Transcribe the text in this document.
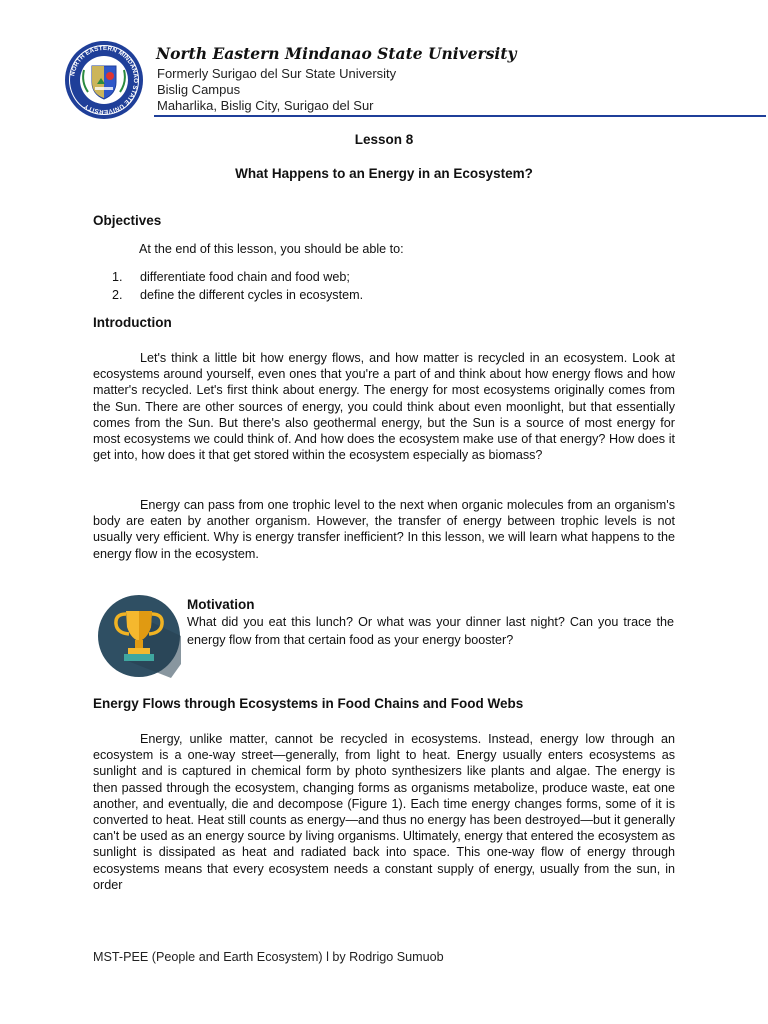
NORTH EASTERN MINDANAO STATE UNIVERSITY
North Eastern Mindanao State University
Formerly Surigao del Sur State University
Bislig Campus
Maharlika, Bislig City, Surigao del Sur
Lesson 8
What Happens to an Energy in an Ecosystem?
Objectives
At the end of this lesson, you should be able to:
1. differentiate food chain and food web;
2. define the different cycles in ecosystem.
Introduction
Let's think a little bit how energy flows, and how matter is recycled in an ecosystem. Look at ecosystems around yourself, even ones that you're a part of and think about how energy flows and how matter's recycled. Let's first think about energy. The energy for most ecosystems originally comes from the Sun. There are other sources of energy, you could think about even moonlight, but that essentially comes from the Sun. But there's also geothermal energy, but the Sun is a source of most energy for most ecosystems we could think of. And how does the ecosystem make use of that energy? How does it get into, how does it that get stored within the ecosystem especially as biomass?
Energy can pass from one trophic level to the next when organic molecules from an organism's body are eaten by another organism. However, the transfer of energy between trophic levels is not usually very efficient. Why is energy transfer inefficient? In this lesson, we will learn what happens to the energy flow in the ecosystem.
Motivation
What did you eat this lunch? Or what was your dinner last night? Can you trace the energy flow from that certain food as your energy booster?
Energy Flows through Ecosystems in Food Chains and Food Webs
Energy, unlike matter, cannot be recycled in ecosystems. Instead, energy low through an ecosystem is a one-way street—generally, from light to heat. Energy usually enters ecosystems as sunlight and is captured in chemical form by photo synthesizers like plants and algae. The energy is then passed through the ecosystem, changing forms as organisms metabolize, produce waste, eat one another, and eventually, die and decompose (Figure 1). Each time energy changes forms, some of it is converted to heat. Heat still counts as energy—and thus no energy has been destroyed—but it generally can't be used as an energy source by living organisms. Ultimately, energy that entered the ecosystem as sunlight is dissipated as heat and radiated back into space. This one-way flow of energy through ecosystems means that every ecosystem needs a constant supply of energy, usually from the sun, in order
MST-PEE (People and Earth Ecosystem) l by Rodrigo Sumuob
